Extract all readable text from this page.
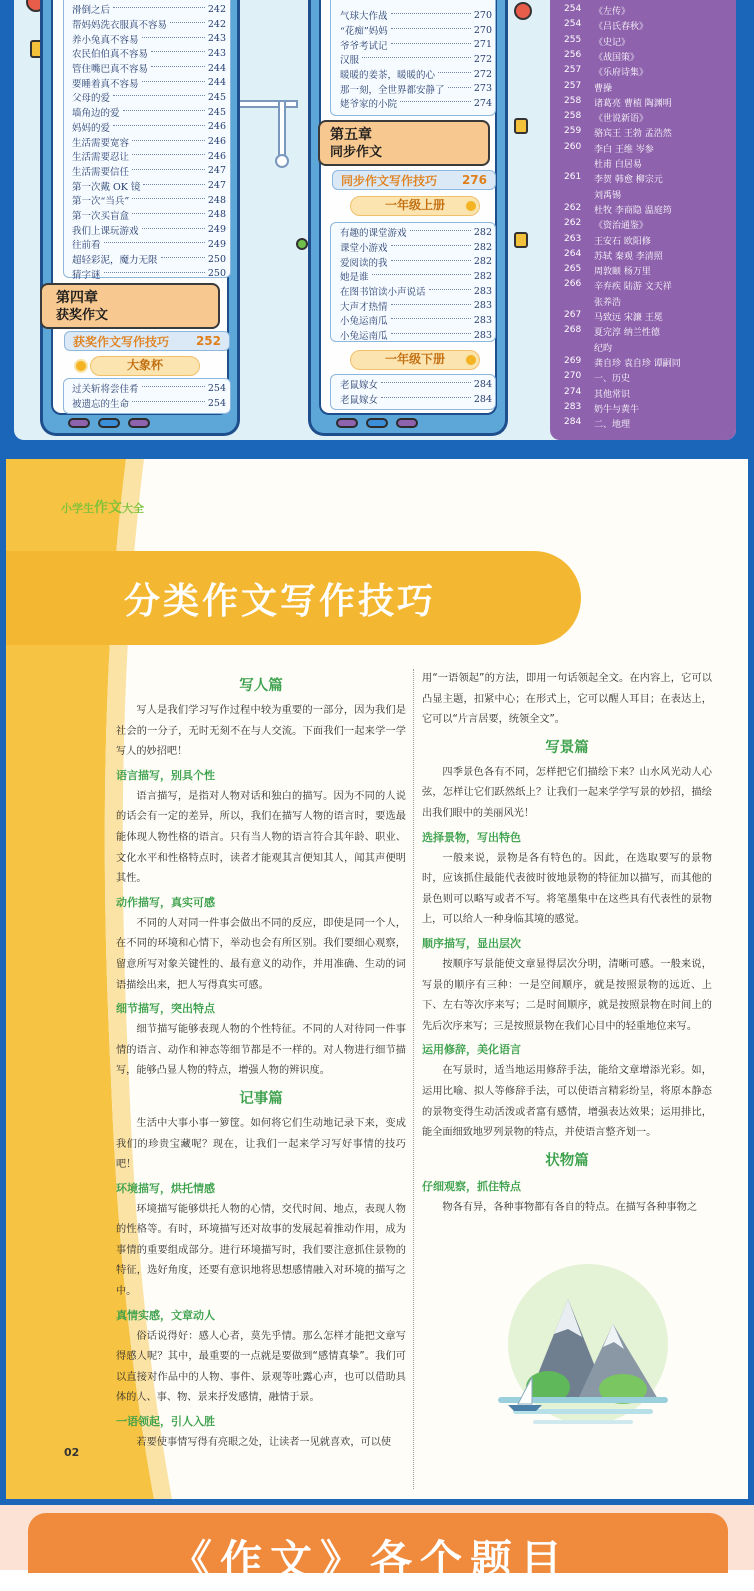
滑倒之后	242
帮妈妈洗衣服真不容易	242
养小兔真不容易	243
农民伯伯真不容易	243
管住嘴巴真不容易	244
要睡着真不容易	244
父母的爱	245
墙角边的爱	245
妈妈的爱	246
生活需要宽容	246
生活需要忍让	246
生活需要信任	247
第一次戴 OK 镜	247
第一次“当兵”	248
第一次买盲盒	248
我们上课玩游戏	249
往前看	249
超轻彩泥，魔力无限	250
猜字谜	250
第四章
获奖作文
获奖作文写作技巧 252
大象杯
过关斩将尝佳肴	254
被遗忘的生命	254
气球大作战	270
“花痴”妈妈	270
爷爷考试记	271
汉服	272
暖暖的姜茶，暖暖的心	272
那一刻，全世界都安静了	273
姥爷家的小院	274
第五章
同步作文
同步作文写作技巧 276
一年级上册
有趣的课堂游戏	282
课堂小游戏	282
爱阅读的我	282
她是谁	282
在图书馆读小声说话	283
大声才热情	283
小兔运南瓜	283
小兔运南瓜	283
一年级下册
老鼠嫁女	284
老鼠嫁女	284
254	《左传》
254	《吕氏春秋》
255	《史记》
256	《战国策》
257	《乐府诗集》
257	曹操
258	诸葛亮 曹植 陶渊明
258	《世说新语》
259	骆宾王 王勃 孟浩然
260	李白 王维 岑参
杜甫 白居易
261	李贺 韩愈 柳宗元
刘禹锡
262	杜牧 李商隐 温庭筠
262	《资治通鉴》
263	王安石 欧阳修
264	苏轼 秦观 李清照
265	周敦颐 杨万里
266	辛弃疾 陆游 文天祥
张养浩
267	马致远 宋濂 王冕
268	夏完淳 纳兰性德
纪昀
269	龚自珍 袁自珍 谭嗣同
270	一、历史
274	其他常识
283	奶牛与黄牛
284	二、地理
小学生作文大全
分类作文写作技巧
写人篇

写人是我们学习写作过程中较为重要的一部分，因为我们是社会的一分子，无时无刻不在与人交流。下面我们一起来学一学写人的妙招吧！

语言描写，别具个性

语言描写，是指对人物对话和独白的描写。因为不同的人说的话会有一定的差异，所以，我们在描写人物的语言时，要选最能体现人物性格的语言。只有当人物的语言符合其年龄、职业、文化水平和性格特点时，读者才能观其言便知其人，闻其声便明其性。

动作描写，真实可感

不同的人对同一件事会做出不同的反应，即使是同一个人，在不同的环境和心情下，举动也会有所区别。我们要细心观察，留意所写对象关键性的、最有意义的动作，并用准确、生动的词语描绘出来，把人写得真实可感。

细节描写，突出特点

细节描写能够表现人物的个性特征。不同的人对待同一件事情的语言、动作和神态等细节都是不一样的。对人物进行细节描写，能够凸显人物的特点，增强人物的辨识度。

记事篇

生活中大事小事一箩筐。如何将它们生动地记录下来，变成我们的珍贵宝藏呢？现在，让我们一起来学习写好事情的技巧吧！

环境描写，烘托情感

环境描写能够烘托人物的心情，交代时间、地点，表现人物的性格等。有时，环境描写还对故事的发展起着推动作用，成为事情的重要组成部分。进行环境描写时，我们要注意抓住景物的特征，选好角度，还要有意识地将思想感情融入对环境的描写之中。

真情实感，文章动人

俗话说得好：感人心者，莫先乎情。那么怎样才能把文章写得感人呢？其中，最重要的一点就是要做到“感情真挚”。我们可以直接对作品中的人物、事件、景观等吐露心声，也可以借助具体的人、事、物、景来抒发感情，融情于景。

一语领起，引人入胜

若要使事情写得有亮眼之处，让读者一见就喜欢，可以使

用“一语领起”的方法，即用一句话领起全文。在内容上，它可以凸显主题，扣紧中心；在形式上，它可以醒人耳目；在表达上，它可以“片言居要，统领全文”。

写景篇

四季景色各有不同，怎样把它们描绘下来？山水风光动人心弦，怎样让它们跃然纸上？让我们一起来学学写景的妙招，描绘出我们眼中的美丽风光！

选择景物，写出特色

一般来说，景物是各有特色的。因此，在选取要写的景物时，应该抓住最能代表彼时彼地景物的特征加以描写，而其他的景色则可以略写或者不写。将笔墨集中在这些具有代表性的景物上，可以给人一种身临其境的感觉。

顺序描写，显出层次

按顺序写景能使文章显得层次分明，清晰可感。一般来说，写景的顺序有三种：一是空间顺序，就是按照景物的远近、上下、左右等次序来写；二是时间顺序，就是按照景物在时间上的先后次序来写；三是按照景物在我们心目中的轻重地位来写。

运用修辞，美化语言

在写景时，适当地运用修辞手法，能给文章增添光彩。如，运用比喻、拟人等修辞手法，可以使语言精彩纷呈，将原本静态的景物变得生动活泼或者富有感情，增强表达效果；运用排比，能全面细致地罗列景物的特点，并使语言整齐划一。

状物篇
仔细观察，抓住特点

物各有异，各种事物都有各自的特点。在描写各种事物之

02
《作文》各个题目
